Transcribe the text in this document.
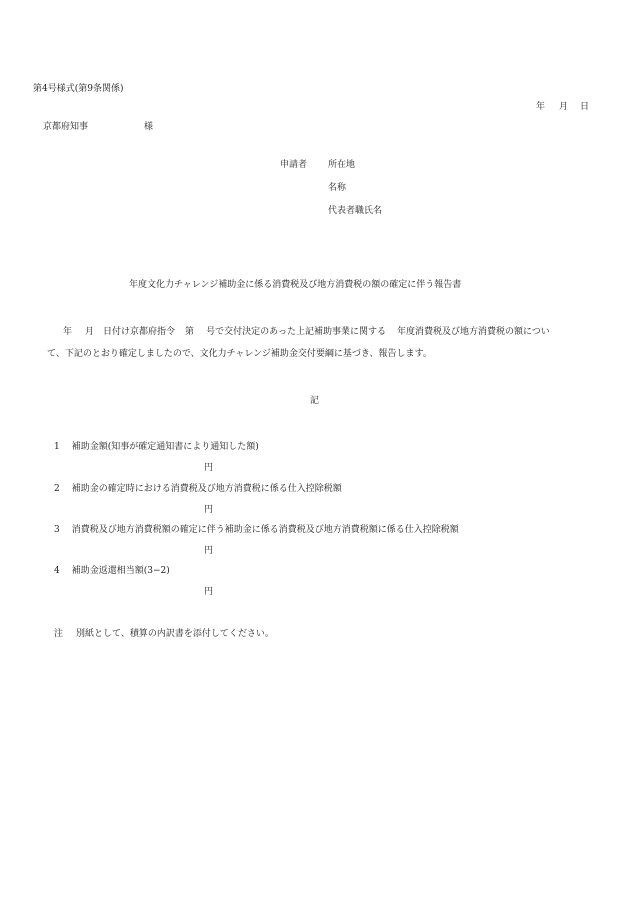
第4号様式(第9条関係)
年 月 日
京都府知事	様
申請者 所在地
名称
代表者職氏名
年度文化力チャレンジ補助金に係る消費税及び地方消費税の額の確定に伴う報告書
年 月 日付け京都府指令 第 号で交付決定のあった上記補助事業に関する 年度消費税及び地方消費税の額につい
て、下記のとおり確定しましたので、文化力チャレンジ補助金交付要綱に基づき、報告します。
記
1 補助金額(知事が確定通知書により通知した額)
円
2 補助金の確定時における消費税及び地方消費税に係る仕入控除税額
円
3 消費税及び地方消費税額の確定に伴う補助金に係る消費税及び地方消費税額に係る仕入控除税額
円
4 補助金返還相当額(3−2)
円
注 別紙として、積算の内訳書を添付してください。
